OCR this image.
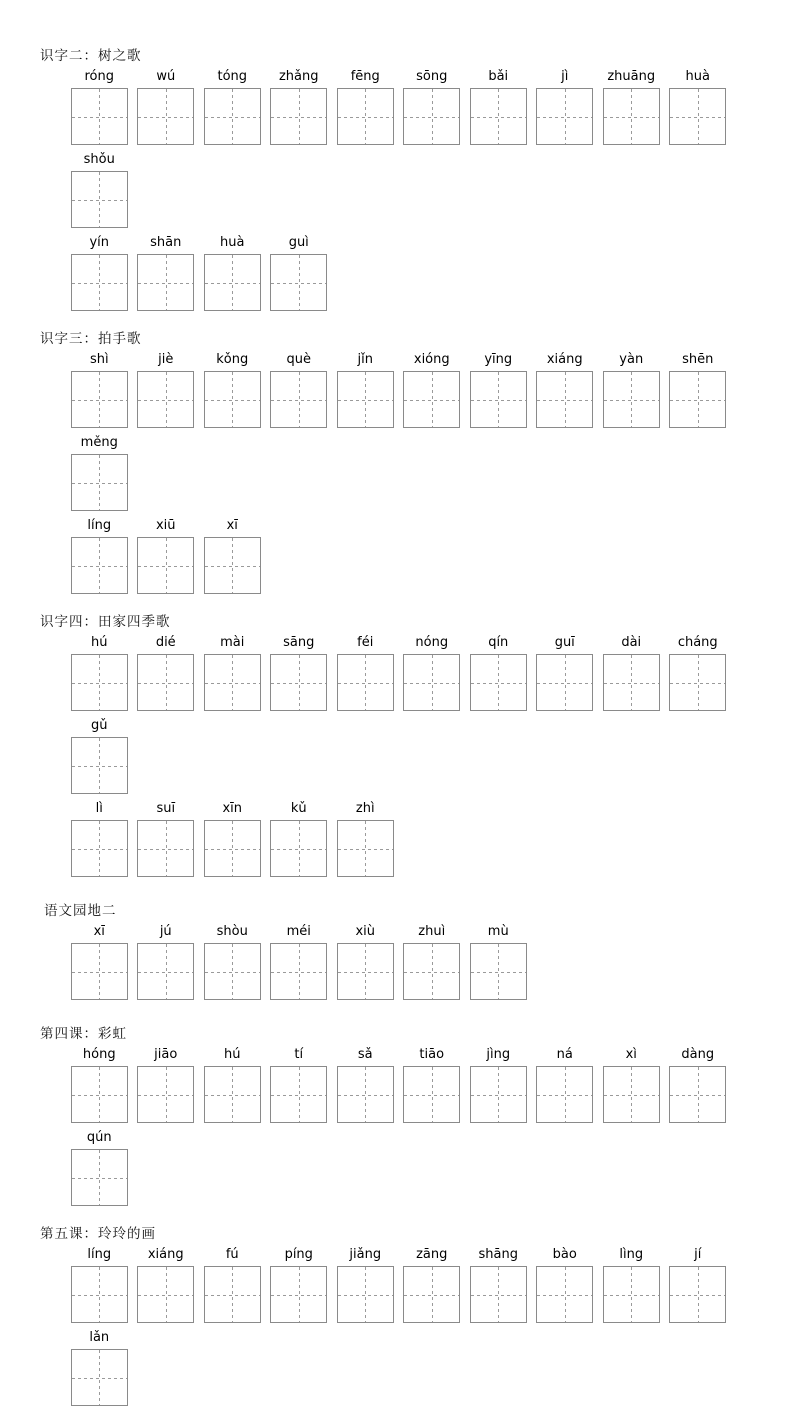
识字二：树之歌
róng	wú	tóng zhǎng fēng	sōng	bǎi	jì	zhuāng huà
shǒu
yín	shān	huà	guì
识字三：拍手歌
shì	jiè	kǒng	què	jǐn	xióng	yīng	xiáng	yàn	shēn
měng
líng	xiū	xī
识字四：田家四季歌
hú	dié	mài	sāng	féi	nóng	qín	guī	dài	cháng
gǔ
lì	suī	xīn	kǔ	zhì
语文园地二
xī	jú	shòu	méi	xiù	zhuì	mù
第四课：彩虹
hóng	jiāo	hú	tí	sǎ	tiāo	jìng	ná	xì	dàng
qún
第五课：玲玲的画
líng	xiáng	fú	píng	jiǎng	zāng shāng	bào	lìng	jí
lǎn
